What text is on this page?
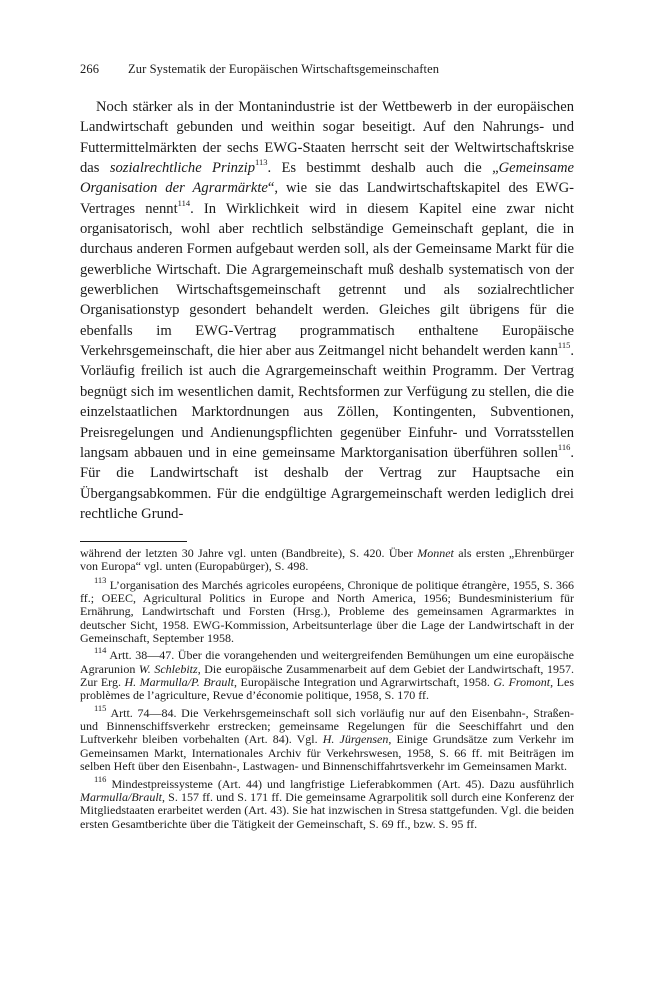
266 Zur Systematik der Europäischen Wirtschaftsgemeinschaften

Noch stärker als in der Montanindustrie ist der Wettbewerb in der europäischen Landwirtschaft gebunden und weithin sogar beseitigt. Auf den Nahrungs- und Futtermittelmärkten der sechs EWG-Staaten herrscht seit der Weltwirtschaftskrise das sozialrechtliche Prinzip$^{113}$. Es bestimmt deshalb auch die „Gemeinsame Organisation der Agrarmärkte“, wie sie das Landwirtschaftskapitel des EWG-Vertrages nennt$^{114}$. In Wirklichkeit wird in diesem Kapitel eine zwar nicht organisatorisch, wohl aber rechtlich selbständige Gemeinschaft geplant, die in durchaus anderen Formen aufgebaut werden soll, als der Gemeinsame Markt für die gewerbliche Wirtschaft. Die Agrargemeinschaft muß deshalb systematisch von der gewerblichen Wirtschaftsgemeinschaft getrennt und als sozialrechtlicher Organisationstyp gesondert behandelt werden. Gleiches gilt übrigens für die ebenfalls im EWG-Vertrag programmatisch enthaltene Europäische Verkehrsgemeinschaft, die hier aber aus Zeitmangel nicht behandelt werden kann$^{115}$. Vorläufig freilich ist auch die Agrargemeinschaft weithin Programm. Der Vertrag begnügt sich im wesentlichen damit, Rechtsformen zur Verfügung zu stellen, die die einzelstaatlichen Marktordnungen aus Zöllen, Kontingenten, Subventionen, Preisregelungen und Andienungspflichten gegenüber Einfuhr- und Vorratsstellen langsam abbauen und in eine gemeinsame Marktorganisation überführen sollen$^{116}$. Für die Landwirtschaft ist deshalb der Vertrag zur Hauptsache ein Übergangsabkommen. Für die endgültige Agrargemeinschaft werden lediglich drei rechtliche Grund-

während der letzten 30 Jahre vgl. unten (Bandbreite), S. 420. Über Monnet als ersten „Ehrenbürger von Europa“ vgl. unten (Europabürger), S. 498.

$^{113}$ L’organisation des Marchés agricoles européens, Chronique de politique étrangère, 1955, S. 366 ff.; OEEC, Agricultural Politics in Europe and North America, 1956; Bundesministerium für Ernährung, Landwirtschaft und Forsten (Hrsg.), Probleme des gemeinsamen Agrarmarktes in deutscher Sicht, 1958. EWG-Kommission, Arbeitsunterlage über die Lage der Landwirtschaft in der Gemeinschaft, September 1958.

$^{114}$ Artt. 38—47. Über die vorangehenden und weitergreifenden Bemühungen um eine europäische Agrarunion W. Schlebitz, Die europäische Zusammenarbeit auf dem Gebiet der Landwirtschaft, 1957. Zur Erg. H. Marmulla/P. Brault, Europäische Integration und Agrarwirtschaft, 1958. G. Fromont, Les problèmes de l’agriculture, Revue d’économie politique, 1958, S. 170 ff.

$^{115}$ Artt. 74—84. Die Verkehrsgemeinschaft soll sich vorläufig nur auf den Eisenbahn-, Straßen- und Binnenschiffsverkehr erstrecken; gemeinsame Regelungen für die Seeschiffahrt und den Luftverkehr bleiben vorbehalten (Art. 84). Vgl. H. Jürgensen, Einige Grundsätze zum Verkehr im Gemeinsamen Markt, Internationales Archiv für Verkehrswesen, 1958, S. 66 ff. mit Beiträgen im selben Heft über den Eisenbahn-, Lastwagen- und Binnenschiffahrtsverkehr im Gemeinsamen Markt.

$^{116}$ Mindestpreissysteme (Art. 44) und langfristige Lieferabkommen (Art. 45). Dazu ausführlich Marmulla/Brault, S. 157 ff. und S. 171 ff. Die gemeinsame Agrarpolitik soll durch eine Konferenz der Mitgliedstaaten erarbeitet werden (Art. 43). Sie hat inzwischen in Stresa stattgefunden. Vgl. die beiden ersten Gesamtberichte über die Tätigkeit der Gemeinschaft, S. 69 ff., bzw. S. 95 ff.
